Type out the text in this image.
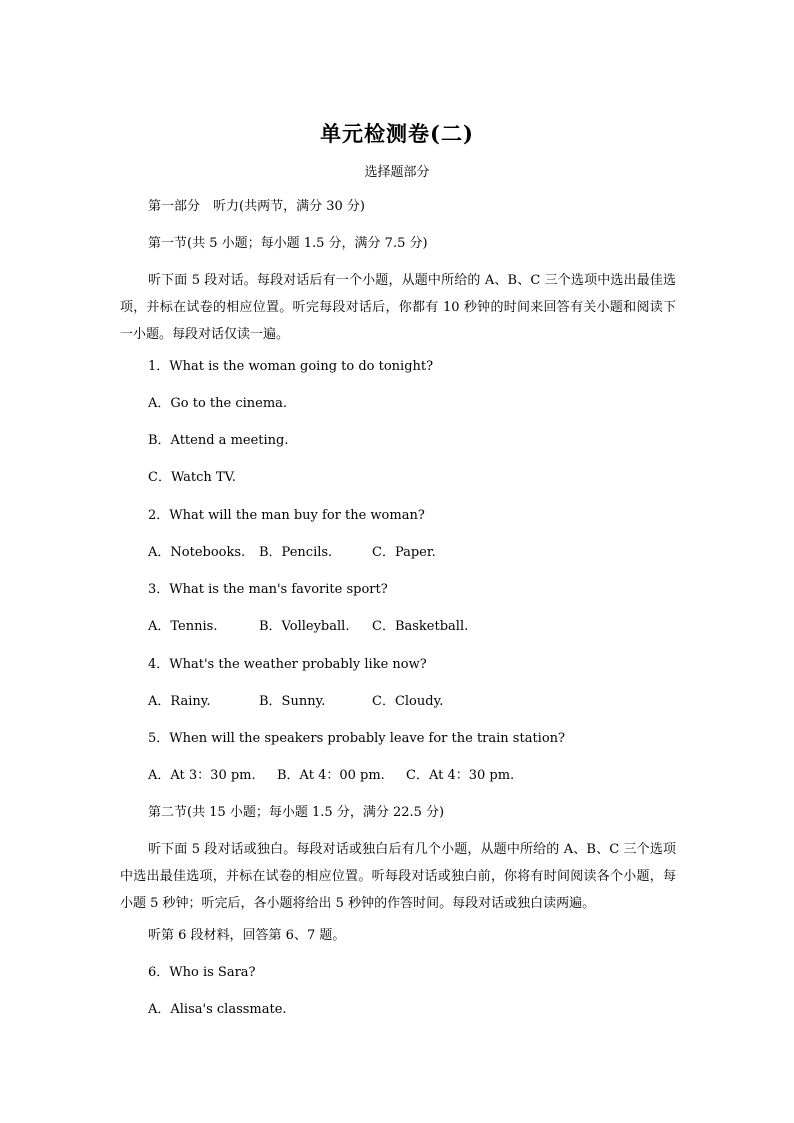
单元检测卷(二)
选择题部分
第一部分　听力(共两节，满分 30 分)
第一节(共 5 小题；每小题 1.5 分，满分 7.5 分)
听下面 5 段对话。每段对话后有一个小题，从题中所给的 A、B、C 三个选项中选出最佳选项，并标在试卷的相应位置。听完每段对话后，你都有 10 秒钟的时间来回答有关小题和阅读下一小题。每段对话仅读一遍。
1．What is the woman going to do tonight?
A．Go to the cinema.
B．Attend a meeting.
C．Watch TV.
2．What will the man buy for the woman?
A．Notebooks. B．Pencils.	C．Paper.
3．What is the man's favorite sport?
A．Tennis.	B．Volleyball. C．Basketball.
4．What's the weather probably like now?
A．Rainy.	B．Sunny.	C．Cloudy.
5．When will the speakers probably leave for the train station?
A．At 3：30 pm. B．At 4：00 pm. C．At 4：30 pm.
第二节(共 15 小题；每小题 1.5 分，满分 22.5 分)
听下面 5 段对话或独白。每段对话或独白后有几个小题，从题中所给的 A、B、C 三个选项中选出最佳选项，并标在试卷的相应位置。听每段对话或独白前，你将有时间阅读各个小题，每小题 5 秒钟；听完后，各小题将给出 5 秒钟的作答时间。每段对话或独白读两遍。
听第 6 段材料，回答第 6、7 题。
6．Who is Sara?
A．Alisa's classmate.
